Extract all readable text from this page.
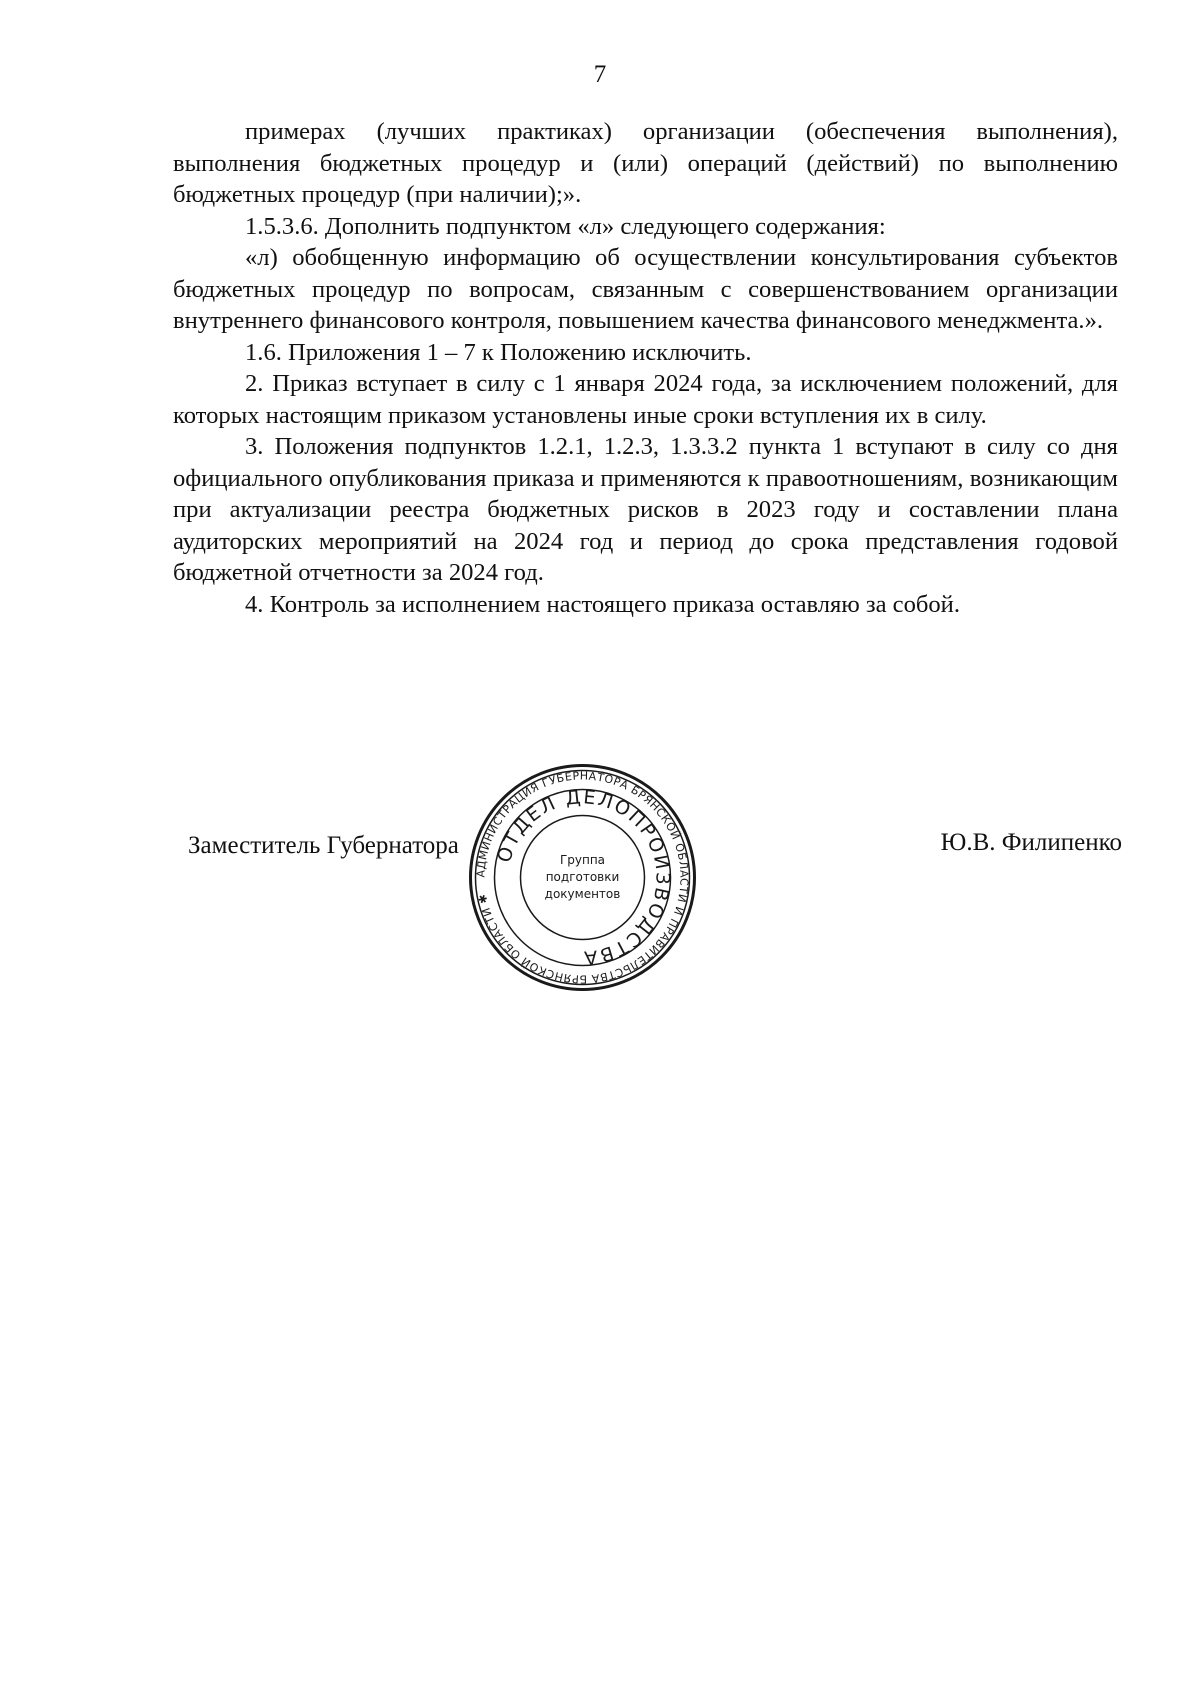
7

примерах (лучших практиках) организации (обеспечения выполнения), выполнения бюджетных процедур и (или) операций (действий) по выполнению бюджетных процедур (при наличии);».

1.5.3.6. Дополнить подпунктом «л» следующего содержания:

«л) обобщенную информацию об осуществлении консультирования субъектов бюджетных процедур по вопросам, связанным с совершенствованием организации внутреннего финансового контроля, повышением качества финансового менеджмента.».

1.6. Приложения 1 – 7 к Положению исключить.

2. Приказ вступает в силу с 1 января 2024 года, за исключением положений, для которых настоящим приказом установлены иные сроки вступления их в силу.

3. Положения подпунктов 1.2.1, 1.2.3, 1.3.3.2 пункта 1 вступают в силу со дня официального опубликования приказа и применяются к правоотношениям, возникающим при актуализации реестра бюджетных рисков в 2023 году и составлении плана аудиторских мероприятий на 2024 год и период до срока представления годовой бюджетной отчетности за 2024 год.

4. Контроль за исполнением настоящего приказа оставляю за собой.

Заместитель Губернатора
АДМИНИСТРАЦИЯ ГУБЕРНАТОРА БРЯНСКОЙ ОБЛАСТИ И ПРАВИТЕЛЬСТВА БРЯНСКОЙ ОБЛАСТИ ✱
ОТДЕЛ ДЕЛОПРОИЗВОДСТВА
Группа
подготовки
документов
Ю.В. Филипенко
